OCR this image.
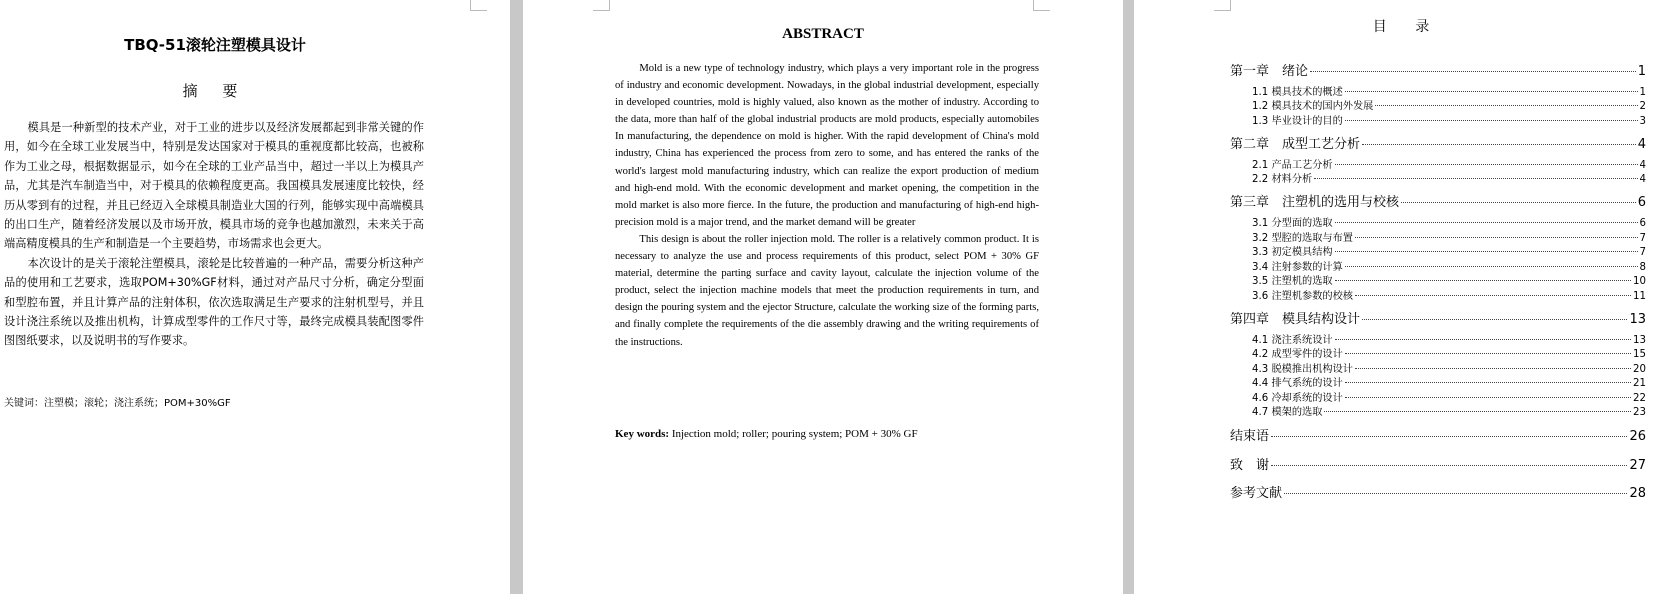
TBQ-51滚轮注塑模具设计
摘 要

模具是一种新型的技术产业，对于工业的进步以及经济发展都起到非常关键的作用，如今在全球工业发展当中，特别是发达国家对于模具的重视度都比较高，也被称作为工业之母，根据数据显示，如今在全球的工业产品当中，超过一半以上为模具产品，尤其是汽车制造当中，对于模具的依赖程度更高。我国模具发展速度比较快，经历从零到有的过程，并且已经迈入全球模具制造业大国的行列，能够实现中高端模具的出口生产，随着经济发展以及市场开放，模具市场的竞争也越加激烈，未来关于高端高精度模具的生产和制造是一个主要趋势，市场需求也会更大。

本次设计的是关于滚轮注塑模具，滚轮是比较普遍的一种产品，需要分析这种产品的使用和工艺要求，选取POM+30%GF材料，通过对产品尺寸分析，确定分型面和型腔布置，并且计算产品的注射体积，依次选取满足生产要求的注射机型号，并且设计浇注系统以及推出机构，计算成型零件的工作尺寸等，最终完成模具装配图零件图图纸要求，以及说明书的写作要求。

关键词：注塑模；滚轮；浇注系统；POM+30%GF
ABSTRACT

Mold is a new type of technology industry, which plays a very important role in the progress of industry and economic development. Nowadays, in the global industrial development, especially in developed countries, mold is highly valued, also known as the mother of industry. According to the data, more than half of the global industrial products are mold products, especially automobiles In manufacturing, the dependence on mold is higher. With the rapid development of China's mold industry, China has experienced the process from zero to some, and has entered the ranks of the world's largest mold manufacturing industry, which can realize the export production of medium and high-end mold. With the economic development and market opening, the competition in the mold market is also more fierce. In the future, the production and manufacturing of high-end high-precision mold is a major trend, and the market demand will be greater

This design is about the roller injection mold. The roller is a relatively common product. It is necessary to analyze the use and process requirements of this product, select POM + 30% GF material, determine the parting surface and cavity layout, calculate the injection volume of the product, select the injection machine models that meet the production requirements in turn, and design the pouring system and the ejector Structure, calculate the working size of the forming parts, and finally complete the requirements of the die assembly drawing and the writing requirements of the instructions.

Key words: Injection mold; roller; pouring system; POM + 30% GF
目 录
第一章　绪论	1
1.1 模具技术的概述	1
1.2 模具技术的国内外发展	2
1.3 毕业设计的目的	3
第二章　成型工艺分析	4
2.1 产品工艺分析	4
2.2 材料分析	4
第三章　注塑机的选用与校核	6
3.1 分型面的选取	6
3.2 型腔的选取与布置	7
3.3 初定模具结构	7
3.4 注射参数的计算	8
3.5 注塑机的选取	10
3.6 注塑机参数的校核	11
第四章　模具结构设计	13
4.1 浇注系统设计	13
4.2 成型零件的设计	15
4.3 脱模推出机构设计	20
4.4 排气系统的设计	21
4.6 冷却系统的设计	22
4.7 模架的选取	23
结束语	26
致　谢	27
参考文献	28
